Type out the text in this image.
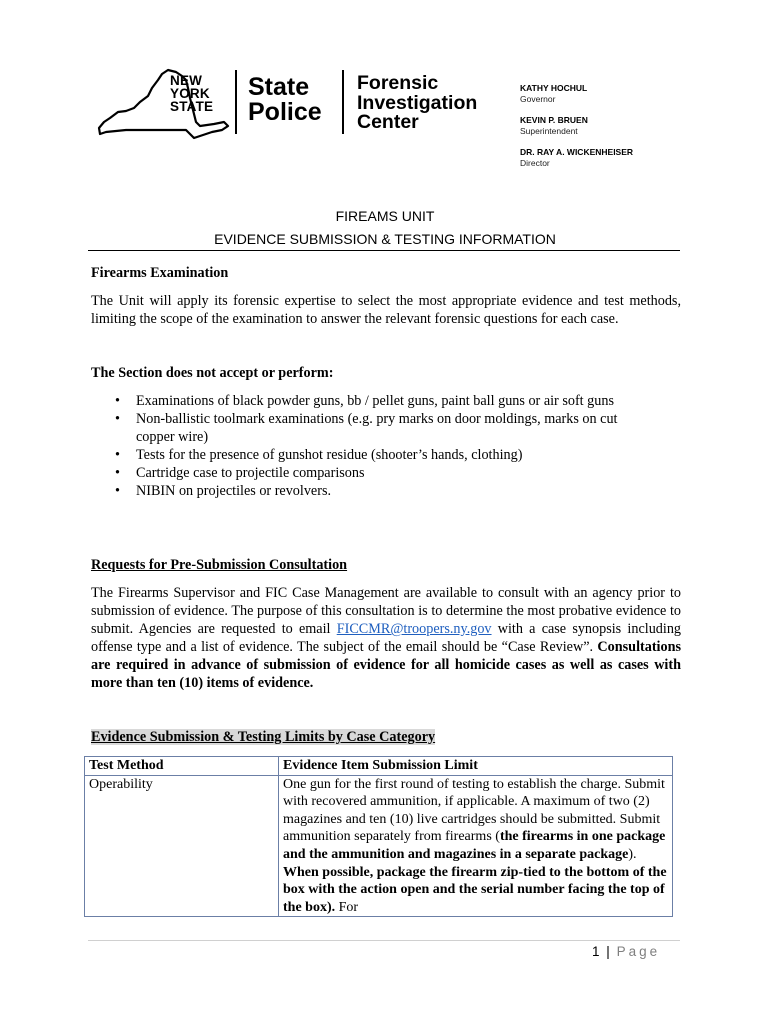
NEW
YORK
STATE
State
Police
Forensic
Investigation
Center
KATHY HOCHUL
Governor
KEVIN P. BRUEN
Superintendent
DR. RAY A. WICKENHEISER
Director
FIREAMS UNIT
EVIDENCE SUBMISSION & TESTING INFORMATION
Firearms Examination
The Unit will apply its forensic expertise to select the most appropriate evidence and test methods, limiting the scope of the examination to answer the relevant forensic questions for each case.
The Section does not accept or perform:
• Examinations of black powder guns, bb / pellet guns, paint ball guns or air soft guns
• Non-ballistic toolmark examinations (e.g. pry marks on door moldings, marks on cut copper wire)
• Tests for the presence of gunshot residue (shooter’s hands, clothing)
• Cartridge case to projectile comparisons
• NIBIN on projectiles or revolvers.
Requests for Pre-Submission Consultation
The Firearms Supervisor and FIC Case Management are available to consult with an agency prior to submission of evidence. The purpose of this consultation is to determine the most probative evidence to submit. Agencies are requested to email FICCMR@troopers.ny.gov with a case synopsis including offense type and a list of evidence. The subject of the email should be “Case Review”. Consultations are required in advance of submission of evidence for all homicide cases as well as cases with more than ten (10) items of evidence.
Evidence Submission & Testing Limits by Case Category
Test Method	Evidence Item Submission Limit
Operability	One gun for the first round of testing to establish the charge. Submit with recovered ammunition, if applicable. A maximum of two (2) magazines and ten (10) live cartridges should be submitted. Submit ammunition separately from firearms (the firearms in one package and the ammunition and magazines in a separate package). When possible, package the firearm zip-tied to the bottom of the box with the action open and the serial number facing the top of the box). For
1 | Page
